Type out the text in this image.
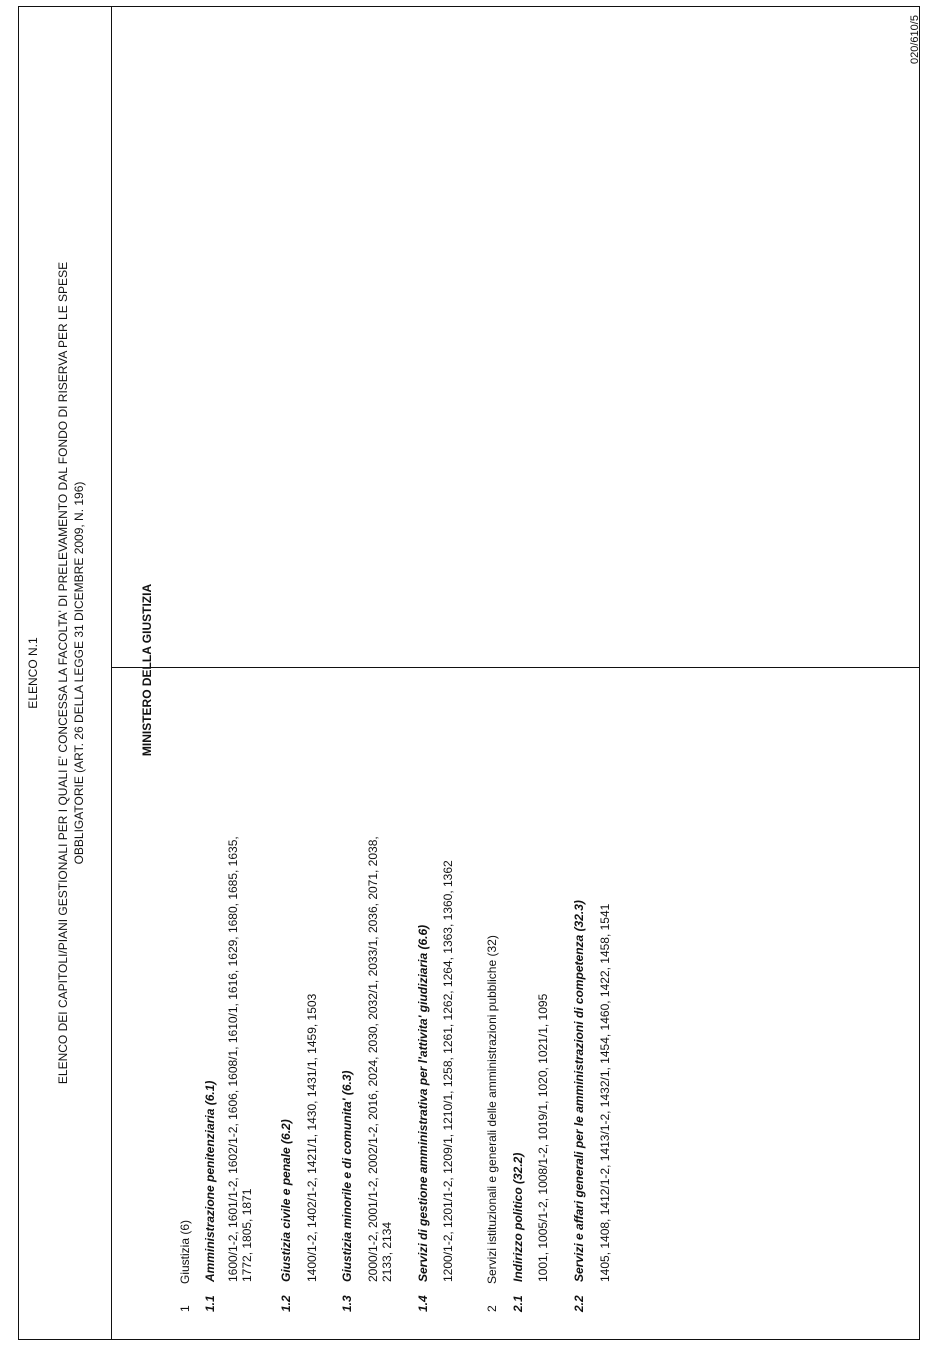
020/610/5
ELENCO N.1 ELENCO DEI CAPITOLI/PIANI GESTIONALI PER I QUALI E' CONCESSA LA FACOLTA' DI PRELEVAMENTO DAL FONDO DI RISERVA PER LE SPESE OBBLIGATORIE (ART. 26 DELLA LEGGE 31 DICEMBRE 2009, N. 196)	MINISTERO DELLA GIUSTIZIA
1Giustizia (6)
1.1Amministrazione penitenziaria (6.1) 1600/1-2, 1601/1-2, 1602/1-2, 1606, 1608/1, 1610/1, 1616, 1629, 1680, 1685, 1635, 1772, 1805, 1871
1.2Giustizia civile e penale (6.2) 1400/1-2, 1402/1-2, 1421/1, 1430, 1431/1, 1459, 1503
1.3Giustizia minorile e di comunita' (6.3) 2000/1-2, 2001/1-2, 2002/1-2, 2016, 2024, 2030, 2032/1, 2033/1, 2036, 2071, 2038, 2133, 2134
1.4Servizi di gestione amministrativa per l'attivita' giudiziaria (6.6) 1200/1-2, 1201/1-2, 1209/1, 1210/1, 1258, 1261, 1262, 1264, 1363, 1360, 1362
2Servizi istituzionali e generali delle amministrazioni pubbliche (32)
2.1Indirizzo politico (32.2) 1001, 1005/1-2, 1008/1-2, 1019/1, 1020, 1021/1, 1095
2.2Servizi e affari generali per le amministrazioni di competenza (32.3) 1405, 1408, 1412/1-2, 1413/1-2, 1432/1, 1454, 1460, 1422, 1458, 1541
